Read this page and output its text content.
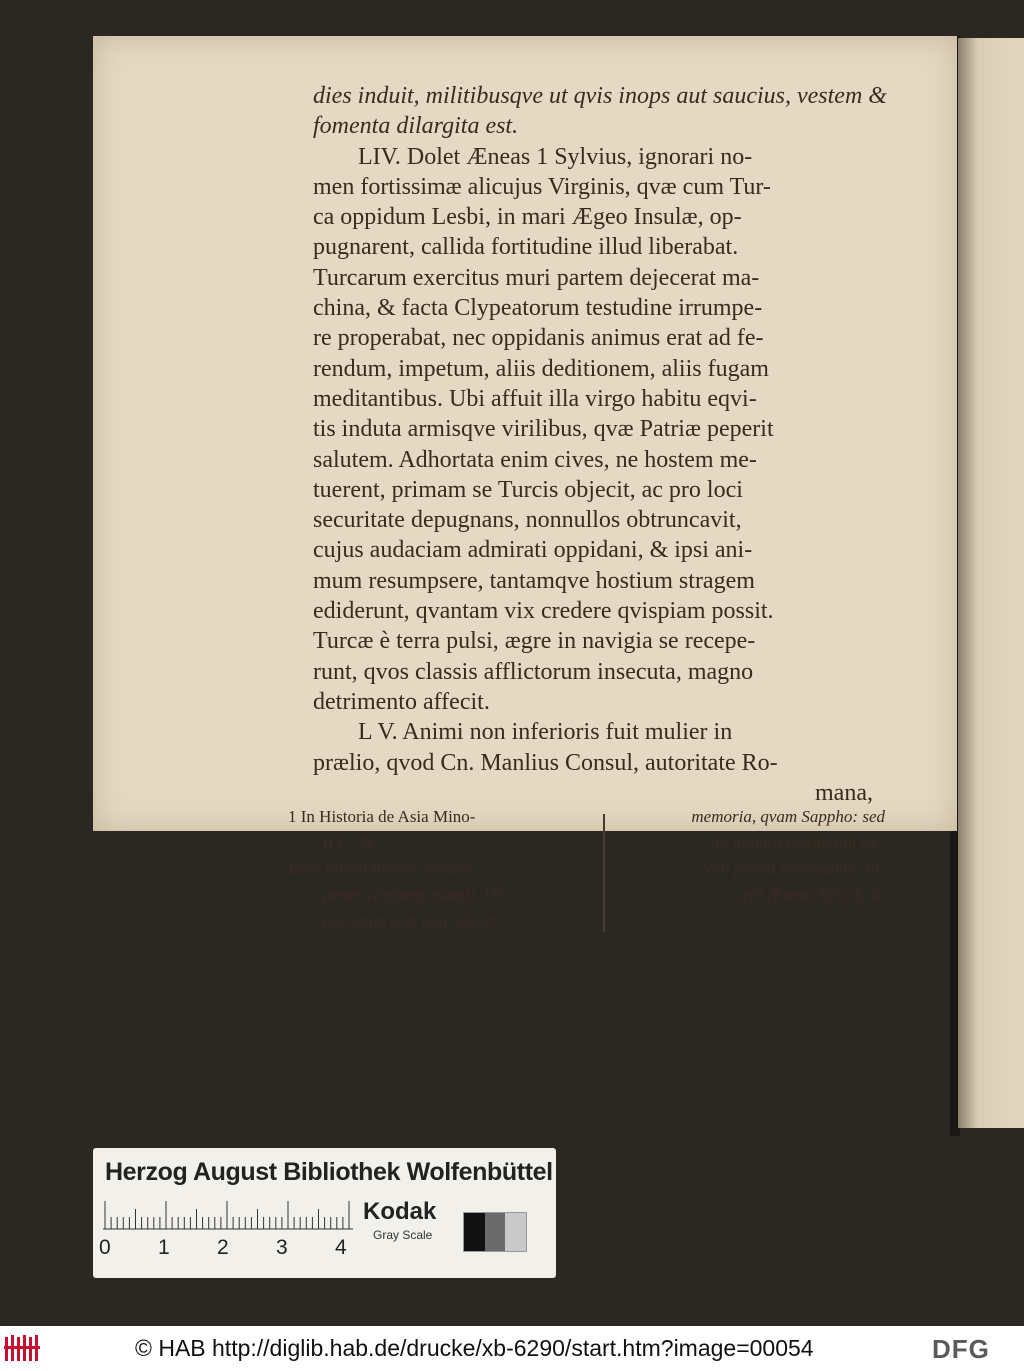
dies induit, militibusqve ut qvis inops aut saucius, vestem &
fomenta dilargita est.
LIV. Dolet Æneas 1 Sylvius, ignorari no-
men fortissimæ alicujus Virginis, qvæ cum Tur-
ca oppidum Lesbi, in mari Ægeo Insulæ, op-
pugnarent, callida fortitudine illud liberabat.
Turcarum exercitus muri partem dejecerat ma-
china, & facta Clypeatorum testudine irrumpe-
re properabat, nec oppidanis animus erat ad fe-
rendum, impetum, aliis deditionem, aliis fugam
meditantibus. Ubi affuit illa virgo habitu eqvi-
tis induta armisqve virilibus, qvæ Patriæ peperit
salutem. Adhortata enim cives, ne hostem me-
tuerent, primam se Turcis objecit, ac pro loci
securitate depugnans, nonnullos obtruncavit,
cujus audaciam admirati oppidani, & ipsi ani-
mum resumpsere, tantamqve hostium stragem
ediderunt, qvantam vix credere qvispiam possit.
Turcæ è terra pulsi, ægre in navigia se recepe-
runt, qvos classis afflictorum insecuta, magno
detrimento affecit.
L V. Animi non inferioris fuit mulier in
prælio, qvod Cn. Manlius Consul, autoritate Ro-
mana,
1 In Historia de Asia Mino-
ri c. 79.
Laus tamen Insulæ servatæ
penes virginem mansit. Di-
gna enim erat non minori
memoria, qvam Sappho: sed
illi majora præmia in cœ-
lesti patria reservantur. In-
qvit Æneas Sylv. L. a.
Herzog August Bibliothek Wolfenbüttel
0 1 2 3 4
Kodak
Gray Scale
© HAB http://diglib.hab.de/drucke/xb-6290/start.htm?image=00054	DFG
